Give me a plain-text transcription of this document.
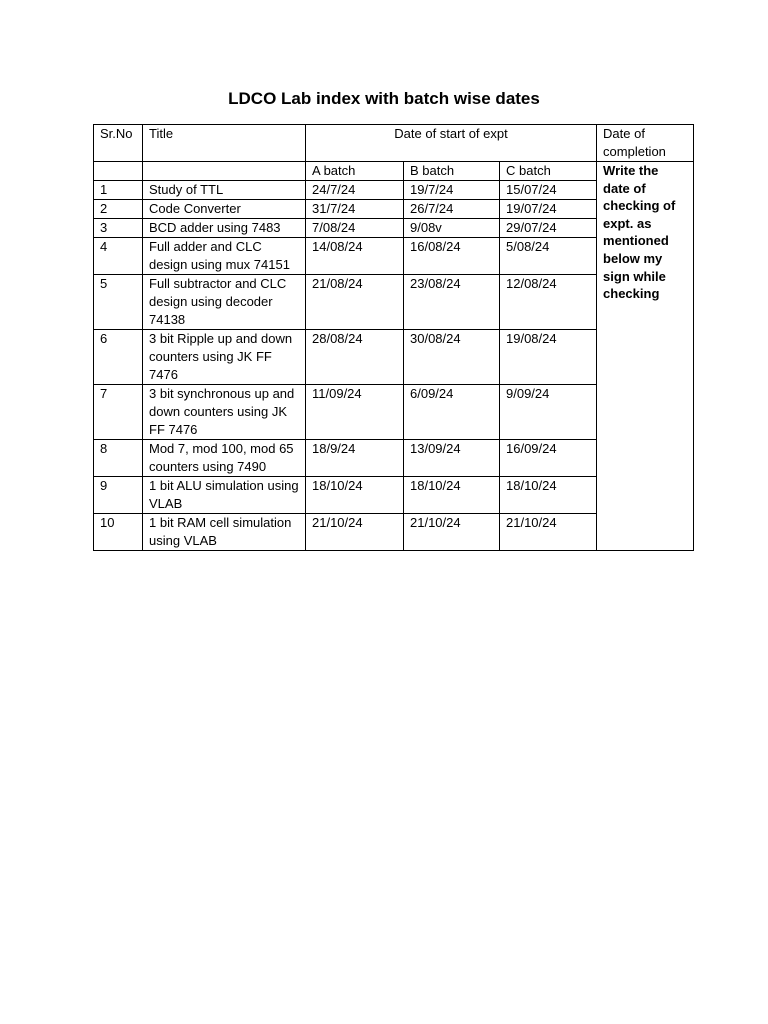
LDCO Lab index with batch wise dates
Sr.No	Title	Date of start of expt			Date of completion
		A batch	B batch	C batch	Write the date of checking of expt. as mentioned below my sign while checking
1	Study of TTL	24/7/24	19/7/24	15/07/24	
2	Code Converter	31/7/24	26/7/24	19/07/24	
3	BCD adder using 7483	7/08/24	9/08v	29/07/24	
4	Full adder and CLC design using mux 74151	14/08/24	16/08/24	5/08/24	
5	Full subtractor and CLC design using decoder 74138	21/08/24	23/08/24	12/08/24	
6	3 bit Ripple up and down counters using JK FF 7476	28/08/24	30/08/24	19/08/24	
7	3 bit synchronous up and down counters using JK FF 7476	11/09/24	6/09/24	9/09/24	
8	Mod 7, mod 100, mod 65 counters using 7490	18/9/24	13/09/24	16/09/24	
9	1 bit ALU simulation using VLAB	18/10/24	18/10/24	18/10/24	
10	1 bit RAM cell simulation using VLAB	21/10/24	21/10/24	21/10/24	
